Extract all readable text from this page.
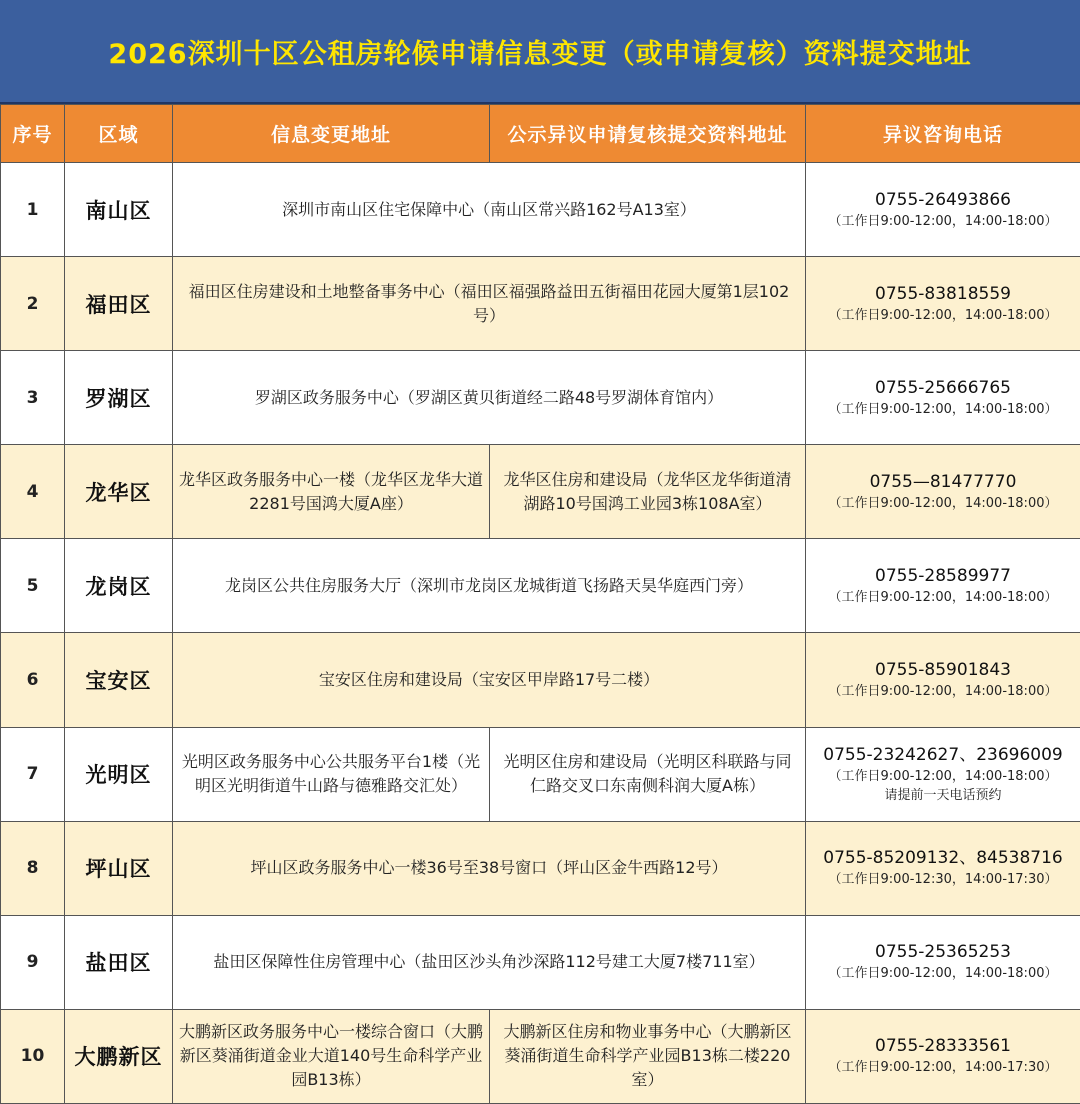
2026深圳十区公租房轮候申请信息变更（或申请复核）资料提交地址
序号	区域	信息变更地址	公示异议申请复核提交资料地址	异议咨询电话
1	南山区	深圳市南山区住宅保障中心（南山区常兴路162号A13室）		0755-26493866
（工作日9:00-12:00，14:00-18:00）

2	福田区	福田区住房建设和土地整备事务中心（福田区福强路益田五街福田花园大厦第1层102号）		0755-83818559
（工作日9:00-12:00，14:00-18:00）

3	罗湖区	罗湖区政务服务中心（罗湖区黄贝街道经二路48号罗湖体育馆内）		0755-25666765
（工作日9:00-12:00，14:00-18:00）

4	龙华区	龙华区政务服务中心一楼（龙华区龙华大道2281号国鸿大厦A座）	龙华区住房和建设局（龙华区龙华街道清湖路10号国鸿工业园3栋108A室）	0755—81477770
（工作日9:00-12:00，14:00-18:00）

5	龙岗区	龙岗区公共住房服务大厅（深圳市龙岗区龙城街道飞扬路天昊华庭西门旁）		0755-28589977
（工作日9:00-12:00，14:00-18:00）

6	宝安区	宝安区住房和建设局（宝安区甲岸路17号二楼）		0755-85901843
（工作日9:00-12:00，14:00-18:00）

7	光明区	光明区政务服务中心公共服务平台1楼（光明区光明街道牛山路与德雅路交汇处）	光明区住房和建设局（光明区科联路与同仁路交叉口东南侧科润大厦A栋）	0755-23242627、23696009
（工作日9:00-12:00，14:00-18:00）
请提前一天电话预约

8	坪山区	坪山区政务服务中心一楼36号至38号窗口（坪山区金牛西路12号）		0755-85209132、84538716
（工作日9:00-12:30，14:00-17:30）

9	盐田区	盐田区保障性住房管理中心（盐田区沙头角沙深路112号建工大厦7楼711室）		0755-25365253
（工作日9:00-12:00，14:00-18:00）

10	大鹏新区	大鹏新区政务服务中心一楼综合窗口（大鹏新区葵涌街道金业大道140号生命科学产业园B13栋）	大鹏新区住房和物业事务中心（大鹏新区葵涌街道生命科学产业园B13栋二楼220室）	0755-28333561
（工作日9:00-12:00，14:00-17:30）
